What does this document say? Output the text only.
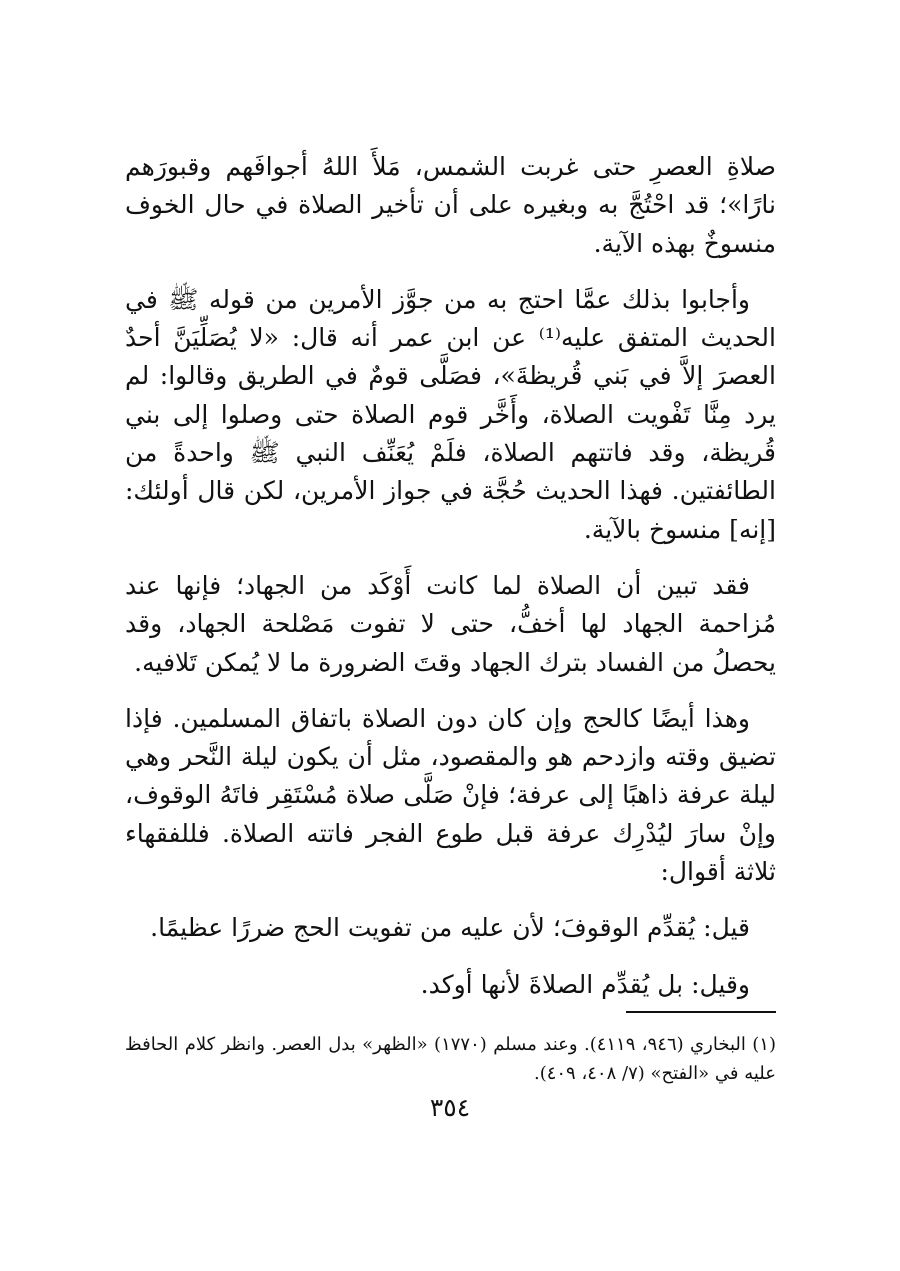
صلاةِ العصرِ حتى غربت الشمس، مَلأَ اللهُ أجوافَهم وقبورَهم نارًا»؛ قد احْتُجَّ به وبغيره على أن تأخير الصلاة في حال الخوف منسوخٌ بهذه الآية.

وأجابوا بذلك عمَّا احتج به من جوَّز الأمرين من قوله ﷺ في الحديث المتفق عليه⁽¹⁾ عن ابن عمر أنه قال: «لا يُصَلِّيَنَّ أحدٌ العصرَ إلاَّ في بَني قُريظةَ»، فصَلَّى قومٌ في الطريق وقالوا: لم يرد مِنَّا تَفْويت الصلاة، وأَخَّر قوم الصلاة حتى وصلوا إلى بني قُريظة، وقد فاتتهم الصلاة، فلَمْ يُعَنِّف النبي ﷺ واحدةً من الطائفتين. فهذا الحديث حُجَّة في جواز الأمرين، لكن قال أولئك: [إنه] منسوخ بالآية.

فقد تبين أن الصلاة لما كانت أَوْكَد من الجهاد؛ فإنها عند مُزاحمة الجهاد لها أخفُّ، حتى لا تفوت مَصْلحة الجهاد، وقد يحصلُ من الفساد بترك الجهاد وقتَ الضرورة ما لا يُمكن تَلافيه.

وهذا أيضًا كالحج وإن كان دون الصلاة باتفاق المسلمين. فإذا تضيق وقته وازدحم هو والمقصود، مثل أن يكون ليلة النَّحر وهي ليلة عرفة ذاهبًا إلى عرفة؛ فإنْ صَلَّى صلاة مُسْتَقِر فاتَهُ الوقوف، وإنْ سارَ ليُدْرِك عرفة قبل طوع الفجر فاتته الصلاة. فللفقهاء ثلاثة أقوال:

قيل: يُقدِّم الوقوفَ؛ لأن عليه من تفويت الحج ضررًا عظيمًا.

وقيل: بل يُقدِّم الصلاةَ لأنها أوكد.

(١) البخاري (٩٤٦، ٤١١٩). وعند مسلم (١٧٧٠) «الظهر» بدل العصر. وانظر كلام الحافظ عليه في «الفتح» (٧/ ٤٠٨، ٤٠٩).

٣٥٤
